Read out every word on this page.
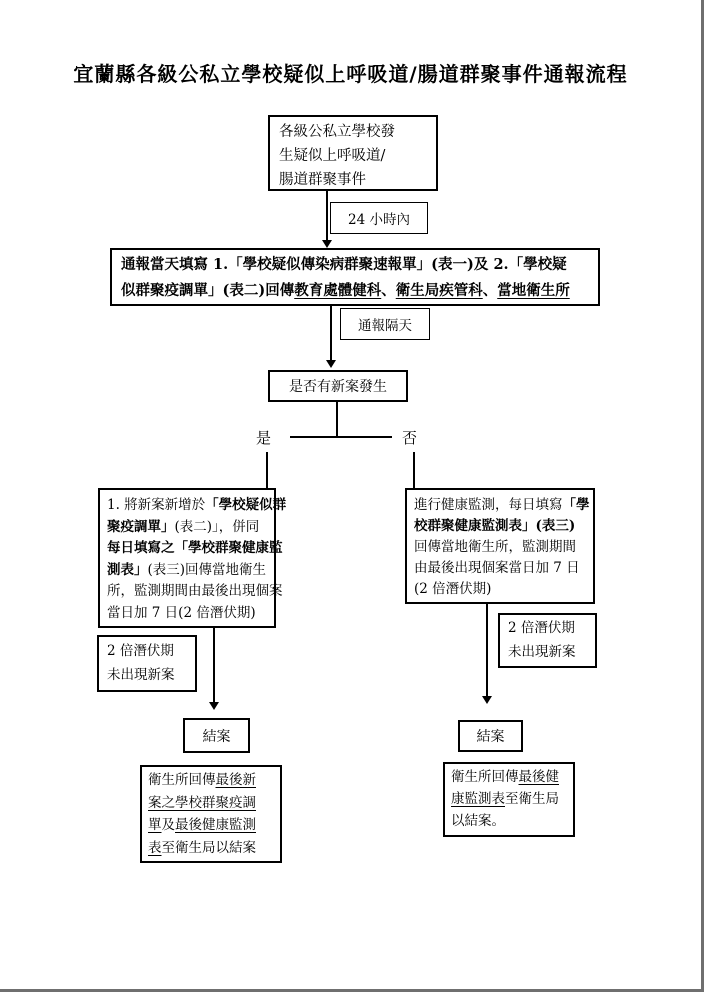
宜蘭縣各級公私立學校疑似上呼吸道/腸道群聚事件通報流程
各級公私立學校發
生疑似上呼吸道/
腸道群聚事件
24 小時內
通報當天填寫 1.「學校疑似傳染病群聚速報單」(表一)及 2.「學校疑
似群聚疫調單」(表二)回傳教育處體健科、衛生局疾管科、當地衛生所
通報隔天
是否有新案發生
是	否
1. 將新案新增於「學校疑似群
聚疫調單」(表二)」，併同
每日填寫之「學校群聚健康監
測表」(表三)回傳當地衛生
所，監測期間由最後出現個案
當日加 7 日(2 倍潛伏期)
進行健康監測，每日填寫「學
校群聚健康監測表」(表三)
回傳當地衛生所，監測期間
由最後出現個案當日加 7 日
(2 倍潛伏期)
2 倍潛伏期
未出現新案
2 倍潛伏期
未出現新案
結案	結案
衛生所回傳最後新
案之學校群聚疫調
單及最後健康監測
表至衛生局以結案
衛生所回傳最後健
康監測表至衛生局
以結案。
